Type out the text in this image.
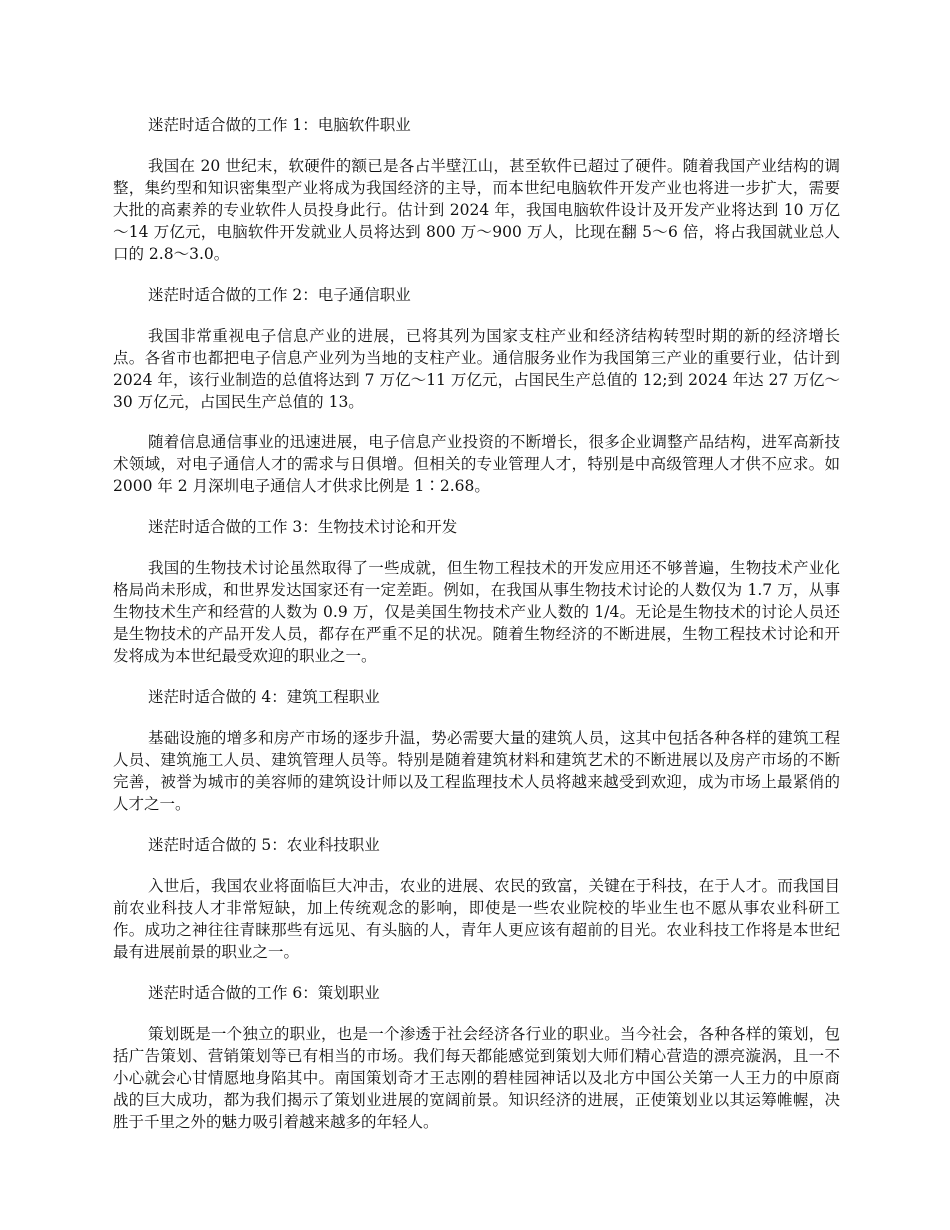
迷茫时适合做的工作 1：电脑软件职业

我国在 20 世纪末，软硬件的额已是各占半壁江山，甚至软件已超过了硬件。随着我国产业结构的调整，集约型和知识密集型产业将成为我国经济的主导，而本世纪电脑软件开发产业也将进一步扩大，需要大批的高素养的专业软件人员投身此行。估计到 2024 年，我国电脑软件设计及开发产业将达到 10 万亿～14 万亿元，电脑软件开发就业人员将达到 800 万～900 万人，比现在翻 5～6 倍，将占我国就业总人口的 2.8～3.0。

迷茫时适合做的工作 2：电子通信职业

我国非常重视电子信息产业的进展，已将其列为国家支柱产业和经济结构转型时期的新的经济增长点。各省市也都把电子信息产业列为当地的支柱产业。通信服务业作为我国第三产业的重要行业，估计到 2024 年，该行业制造的总值将达到 7 万亿～11 万亿元，占国民生产总值的 12;到 2024 年达 27 万亿～30 万亿元，占国民生产总值的 13。

随着信息通信事业的迅速进展，电子信息产业投资的不断增长，很多企业调整产品结构，进军高新技术领域，对电子通信人才的需求与日俱增。但相关的专业管理人才，特别是中高级管理人才供不应求。如 2000 年 2 月深圳电子通信人才供求比例是 1∶2.68。

迷茫时适合做的工作 3：生物技术讨论和开发

我国的生物技术讨论虽然取得了一些成就，但生物工程技术的开发应用还不够普遍，生物技术产业化格局尚未形成，和世界发达国家还有一定差距。例如，在我国从事生物技术讨论的人数仅为 1.7 万，从事生物技术生产和经营的人数为 0.9 万，仅是美国生物技术产业人数的 1/4。无论是生物技术的讨论人员还是生物技术的产品开发人员，都存在严重不足的状况。随着生物经济的不断进展，生物工程技术讨论和开发将成为本世纪最受欢迎的职业之一。

迷茫时适合做的 4：建筑工程职业

基础设施的增多和房产市场的逐步升温，势必需要大量的建筑人员，这其中包括各种各样的建筑工程人员、建筑施工人员、建筑管理人员等。特别是随着建筑材料和建筑艺术的不断进展以及房产市场的不断完善，被誉为城市的美容师的建筑设计师以及工程监理技术人员将越来越受到欢迎，成为市场上最紧俏的人才之一。

迷茫时适合做的 5：农业科技职业

入世后，我国农业将面临巨大冲击，农业的进展、农民的致富，关键在于科技，在于人才。而我国目前农业科技人才非常短缺，加上传统观念的影响，即使是一些农业院校的毕业生也不愿从事农业科研工作。成功之神往往青睐那些有远见、有头脑的人，青年人更应该有超前的目光。农业科技工作将是本世纪最有进展前景的职业之一。

迷茫时适合做的工作 6：策划职业

策划既是一个独立的职业，也是一个渗透于社会经济各行业的职业。当今社会，各种各样的策划，包括广告策划、营销策划等已有相当的市场。我们每天都能感觉到策划大师们精心营造的漂亮漩涡，且一不小心就会心甘情愿地身陷其中。南国策划奇才王志刚的碧桂园神话以及北方中国公关第一人王力的中原商战的巨大成功，都为我们揭示了策划业进展的宽阔前景。知识经济的进展，正使策划业以其运筹帷幄，决胜于千里之外的魅力吸引着越来越多的年轻人。
